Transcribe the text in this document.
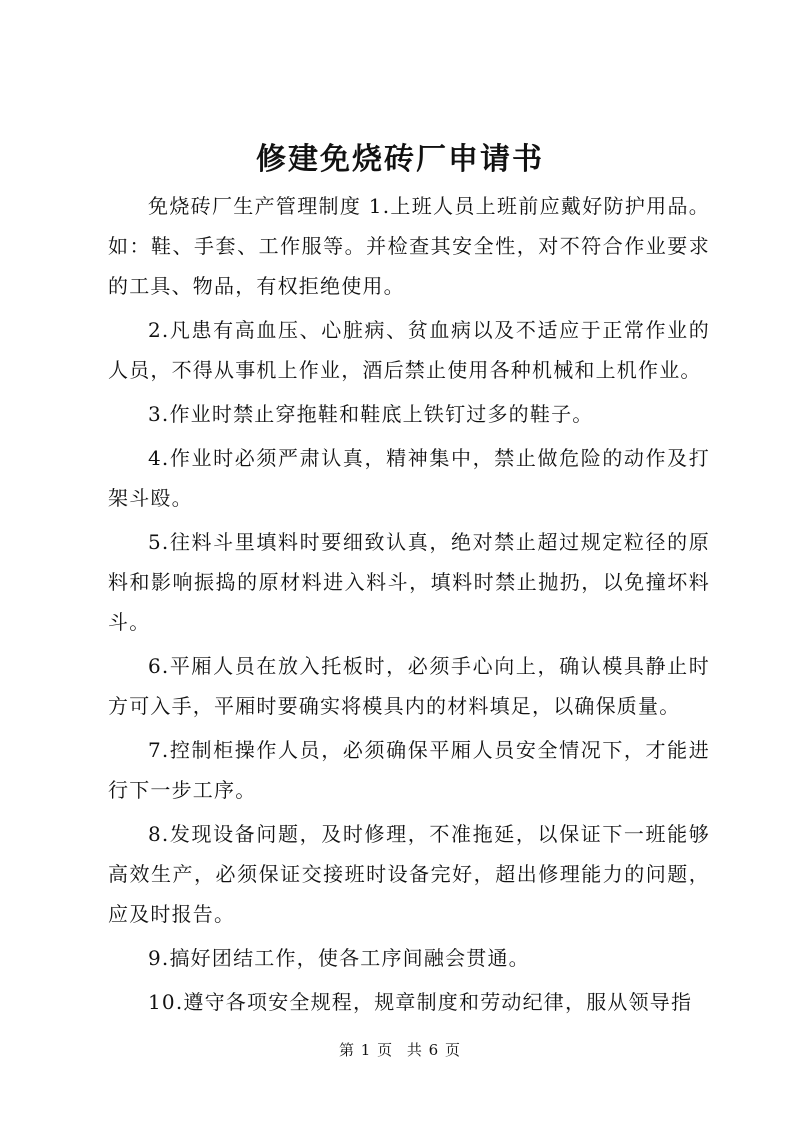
修建免烧砖厂申请书

免烧砖厂生产管理制度 1.上班人员上班前应戴好防护用品。如：鞋、手套、工作服等。并检查其安全性，对不符合作业要求的工具、物品，有权拒绝使用。

2.凡患有高血压、心脏病、贫血病以及不适应于正常作业的人员，不得从事机上作业，酒后禁止使用各种机械和上机作业。

3.作业时禁止穿拖鞋和鞋底上铁钉过多的鞋子。

4.作业时必须严肃认真，精神集中，禁止做危险的动作及打架斗殴。

5.往料斗里填料时要细致认真，绝对禁止超过规定粒径的原料和影响振捣的原材料进入料斗，填料时禁止抛扔，以免撞坏料斗。

6.平厢人员在放入托板时，必须手心向上，确认模具静止时方可入手，平厢时要确实将模具内的材料填足，以确保质量。

7.控制柜操作人员，必须确保平厢人员安全情况下，才能进行下一步工序。

8.发现设备问题，及时修理，不准拖延，以保证下一班能够高效生产，必须保证交接班时设备完好，超出修理能力的问题，应及时报告。

9.搞好团结工作，使各工序间融会贯通。

10.遵守各项安全规程，规章制度和劳动纪律，服从领导指

第 1 页 共 6 页
